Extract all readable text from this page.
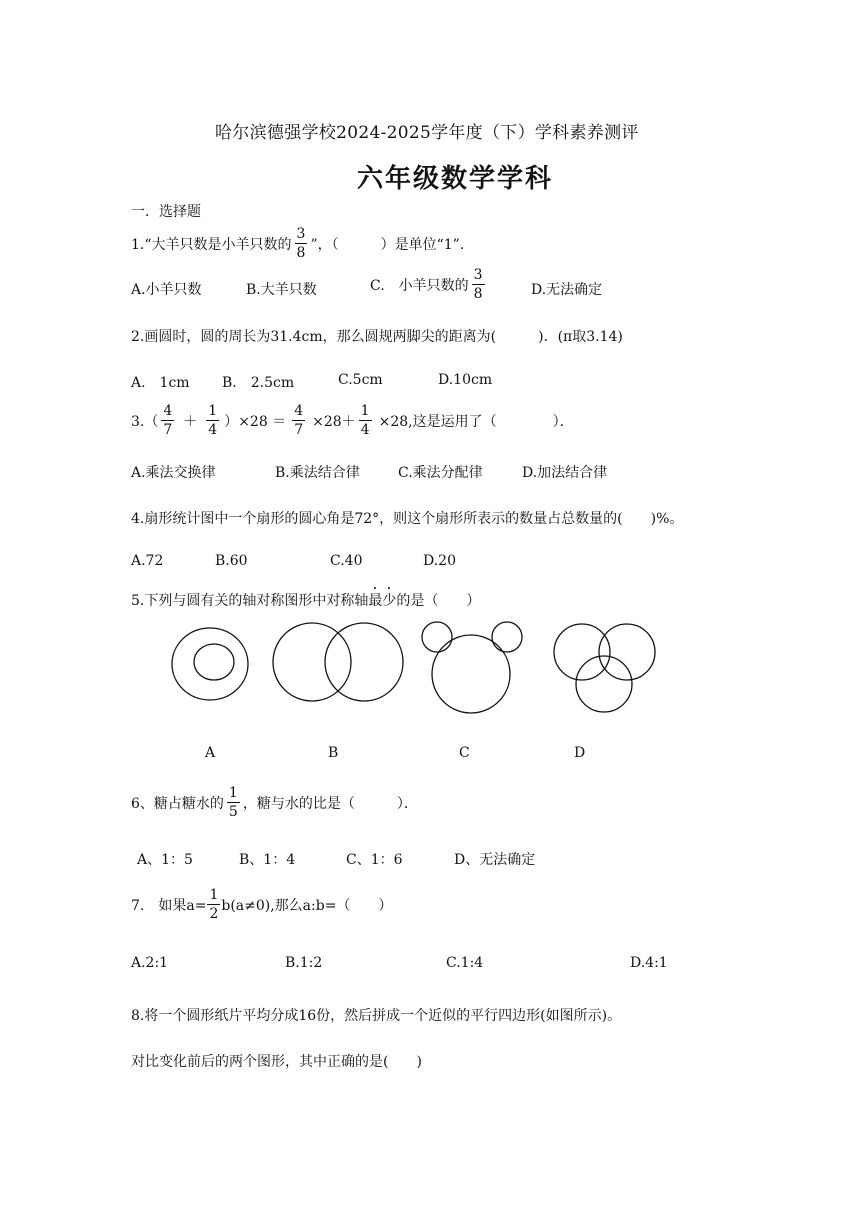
哈尔滨德强学校2024-2025学年度（下）学科素养测评
六年级数学学科
一．选择题
1.“大羊只数是小羊只数的 $\frac{3}{8}$ ”，（　　　）是单位“1”．
A.小羊只数	B.大羊只数	C.　小羊只数的 $\frac{3}{8}$	D.无法确定
2.画圆时，圆的周长为31.4cm，那么圆规两脚尖的距离为(　　　)．(π取3.14)
A.　1cm B.　2.5cm	C.5cm	D.10cm
$3.( \frac{4}{7} + \frac{1}{4} )\times 28 = \frac{4}{7} \times 28+ \frac{1}{4} \times 28$,这是运用了（　　　　）．
A.乘法交换律	B.乘法结合律	C.乘法分配律	D.加法结合律
4.扇形统计图中一个扇形的圆心角是72°，则这个扇形所表示的数量占总数量的(　　)%。
A.72	B.60	C.40	D.20
5.下列与圆有关的轴对称图形中对称轴最少的是（　　）
A	B	C	D
6、糖占糖水的 $\frac{1}{5}$ ，糖与水的比是（　　　）．
A、1：5	B、1：4	C、1：6	D、无法确定
7.　如果$a= \frac{1}{2} b(a\ne 0)$,那么a:b=（　　）
A.2:1	B.1:2	C.1:4	D.4:1
8.将一个圆形纸片平均分成16份，然后拼成一个近似的平行四边形(如图所示)。
对比变化前后的两个图形，其中正确的是(　　)
